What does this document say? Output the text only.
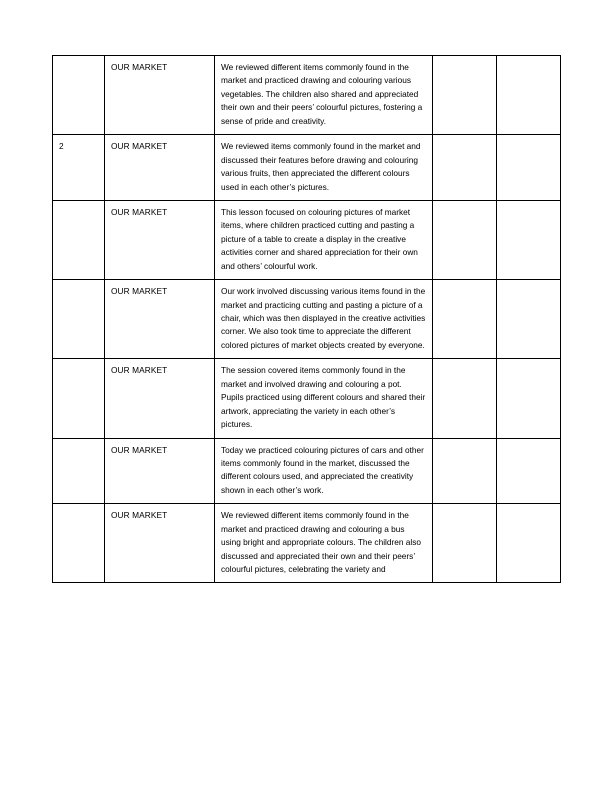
	OUR MARKET	We reviewed different items commonly found in the market and practiced drawing and colouring various vegetables. The children also shared and appreciated their own and their peers’ colourful pictures, fostering a sense of pride and creativity.		
2	OUR MARKET	We reviewed items commonly found in the market and discussed their features before drawing and colouring various fruits, then appreciated the different colours used in each other’s pictures.		
	OUR MARKET	This lesson focused on colouring pictures of market items, where children practiced cutting and pasting a picture of a table to create a display in the creative activities corner and shared appreciation for their own and others’ colourful work.		
	OUR MARKET	Our work involved discussing various items found in the market and practicing cutting and pasting a picture of a chair, which was then displayed in the creative activities corner. We also took time to appreciate the different colored pictures of market objects created by everyone.		
	OUR MARKET	The session covered items commonly found in the market and involved drawing and colouring a pot. Pupils practiced using different colours and shared their artwork, appreciating the variety in each other’s pictures.		
	OUR MARKET	Today we practiced colouring pictures of cars and other items commonly found in the market, discussed the different colours used, and appreciated the creativity shown in each other’s work.		
	OUR MARKET	We reviewed different items commonly found in the market and practiced drawing and colouring a bus using bright and appropriate colours. The children also discussed and appreciated their own and their peers’ colourful pictures, celebrating the variety and		
